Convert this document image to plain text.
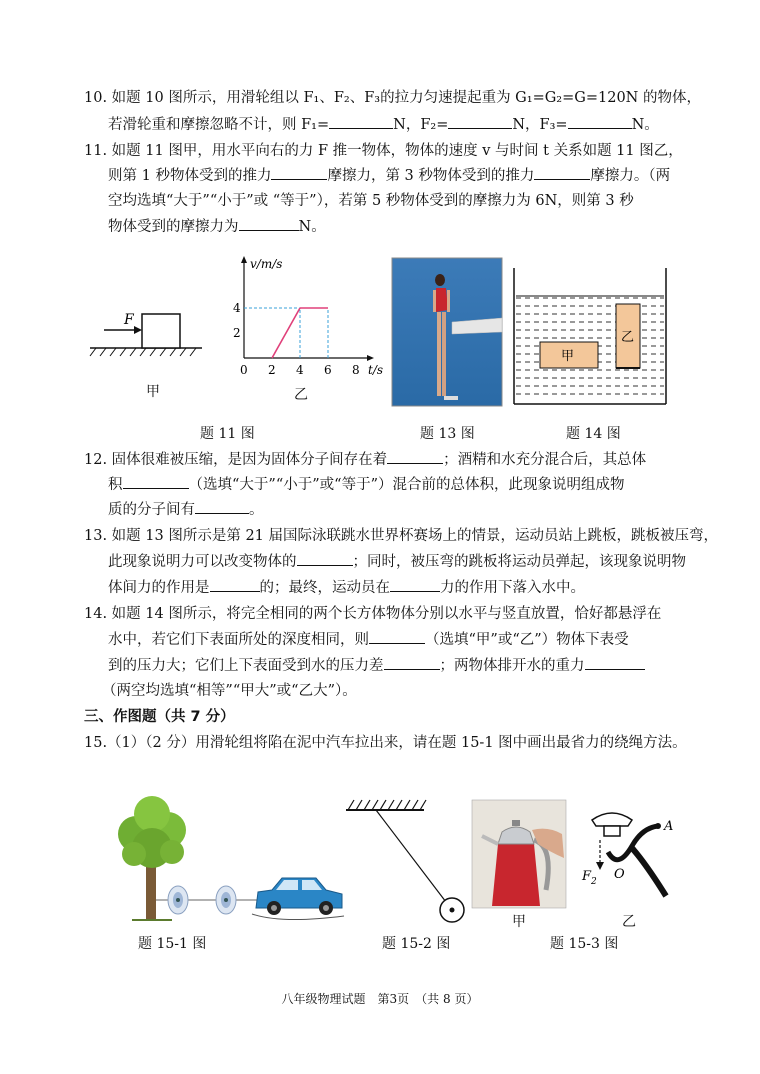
10. 如题 10 图所示，用滑轮组以 F₁、F₂、F₃的拉力匀速提起重为 G₁=G₂=G=120N 的物体，
若滑轮重和摩擦忽略不计，则 F₁=	N，F₂=	N，F₃=	N。
11. 如题 11 图甲，用水平向右的力 F 推一物体，物体的速度 v 与时间 t 关系如题 11 图乙，
则第 1 秒物体受到的推力	摩擦力，第 3 秒物体受到的推力	摩擦力。（两
空均选填“大于”“小于”或 “等于”），若第 5 秒物体受到的摩擦力为 6N，则第 3 秒
物体受到的摩擦力为	N。
F
甲
v/m/s
t/s
2
4
0 2 4 6 8
乙
题 11 图	题 13 图
甲
乙
题 14 图
12. 固体很难被压缩，是因为固体分子间存在着	；酒精和水充分混合后，其总体
积	（选填“大于”“小于”或“等于”）混合前的总体积，此现象说明组成物
质的分子间有	。
13. 如题 13 图所示是第 21 届国际泳联跳水世界杯赛场上的情景，运动员站上跳板，跳板被压弯，
此现象说明力可以改变物体的	；同时，被压弯的跳板将运动员弹起，该现象说明物
体间力的作用是	的；最终，运动员在	力的作用下落入水中。
14. 如题 14 图所示，将完全相同的两个长方体物体分别以水平与竖直放置，恰好都悬浮在
水中，若它们下表面所处的深度相同，则	（选填“甲”或“乙”）物体下表受
到的压力大；它们上下表面受到水的压力差	；两物体排开水的重力
（两空均选填“相等”“甲大”或“乙大”）。
三、作图题（共 7 分）
15.（1）（2 分）用滑轮组将陷在泥中汽车拉出来，请在题 15-1 图中画出最省力的绕绳方法。
题 15-1 图	题 15-2 图
甲
A
O
$F_2$
乙
题 15-3 图
八年级物理试题　第3页　（共 8 页）
